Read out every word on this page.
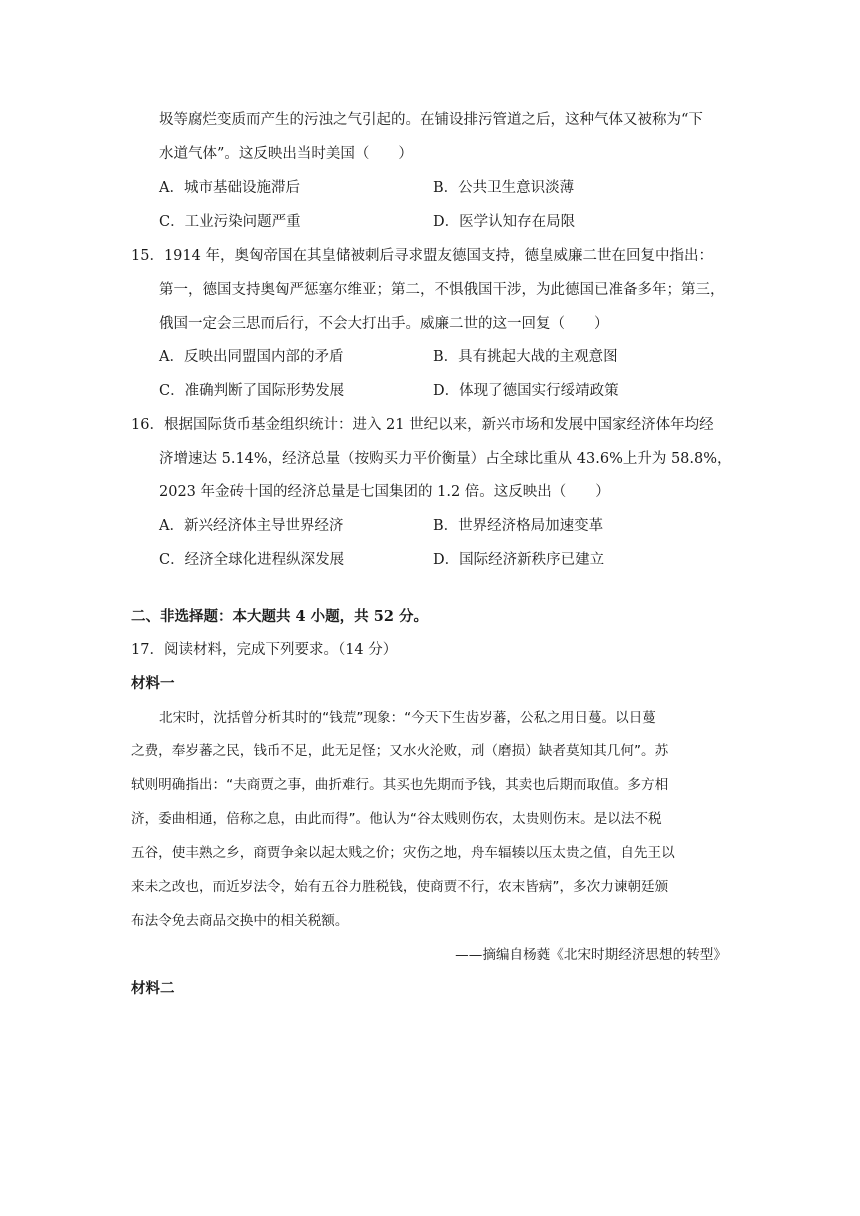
圾等腐烂变质而产生的污浊之气引起的。在铺设排污管道之后，这种气体又被称为“下
水道气体”。这反映出当时美国（　　）
A．城市基础设施滞后	B．公共卫生意识淡薄
C．工业污染问题严重	D．医学认知存在局限
15．1914 年，奥匈帝国在其皇储被刺后寻求盟友德国支持，德皇威廉二世在回复中指出：
第一，德国支持奥匈严惩塞尔维亚；第二，不惧俄国干涉，为此德国已准备多年；第三，
俄国一定会三思而后行，不会大打出手。威廉二世的这一回复（　　）
A．反映出同盟国内部的矛盾	B．具有挑起大战的主观意图
C．准确判断了国际形势发展	D．体现了德国实行绥靖政策
16．根据国际货币基金组织统计：进入 21 世纪以来，新兴市场和发展中国家经济体年均经
济增速达 5.14%，经济总量（按购买力平价衡量）占全球比重从 43.6%上升为 58.8%，
2023 年金砖十国的经济总量是七国集团的 1.2 倍。这反映出（　　）
A．新兴经济体主导世界经济	B．世界经济格局加速变革
C．经济全球化进程纵深发展	D．国际经济新秩序已建立
二、非选择题：本大题共 4 小题，共 52 分。
17．阅读材料，完成下列要求。（14 分）
材料一
北宋时，沈括曾分析其时的“钱荒”现象：“今天下生齿岁蕃，公私之用日蔓。以日蔓
之费，奉岁蕃之民，钱币不足，此无足怪；又水火沦败，刓（磨损）缺者莫知其几何”。苏
轼则明确指出：“夫商贾之事，曲折难行。其买也先期而予钱，其卖也后期而取值。多方相
济，委曲相通，倍称之息，由此而得”。他认为“谷太贱则伤农，太贵则伤末。是以法不税
五谷，使丰熟之乡，商贾争籴以起太贱之价；灾伤之地，舟车辐辏以压太贵之值，自先王以
来未之改也，而近岁法令，始有五谷力胜税钱，使商贾不行，农末皆病”，多次力谏朝廷颁
布法令免去商品交换中的相关税额。
——摘编自杨蕤《北宋时期经济思想的转型》
材料二
